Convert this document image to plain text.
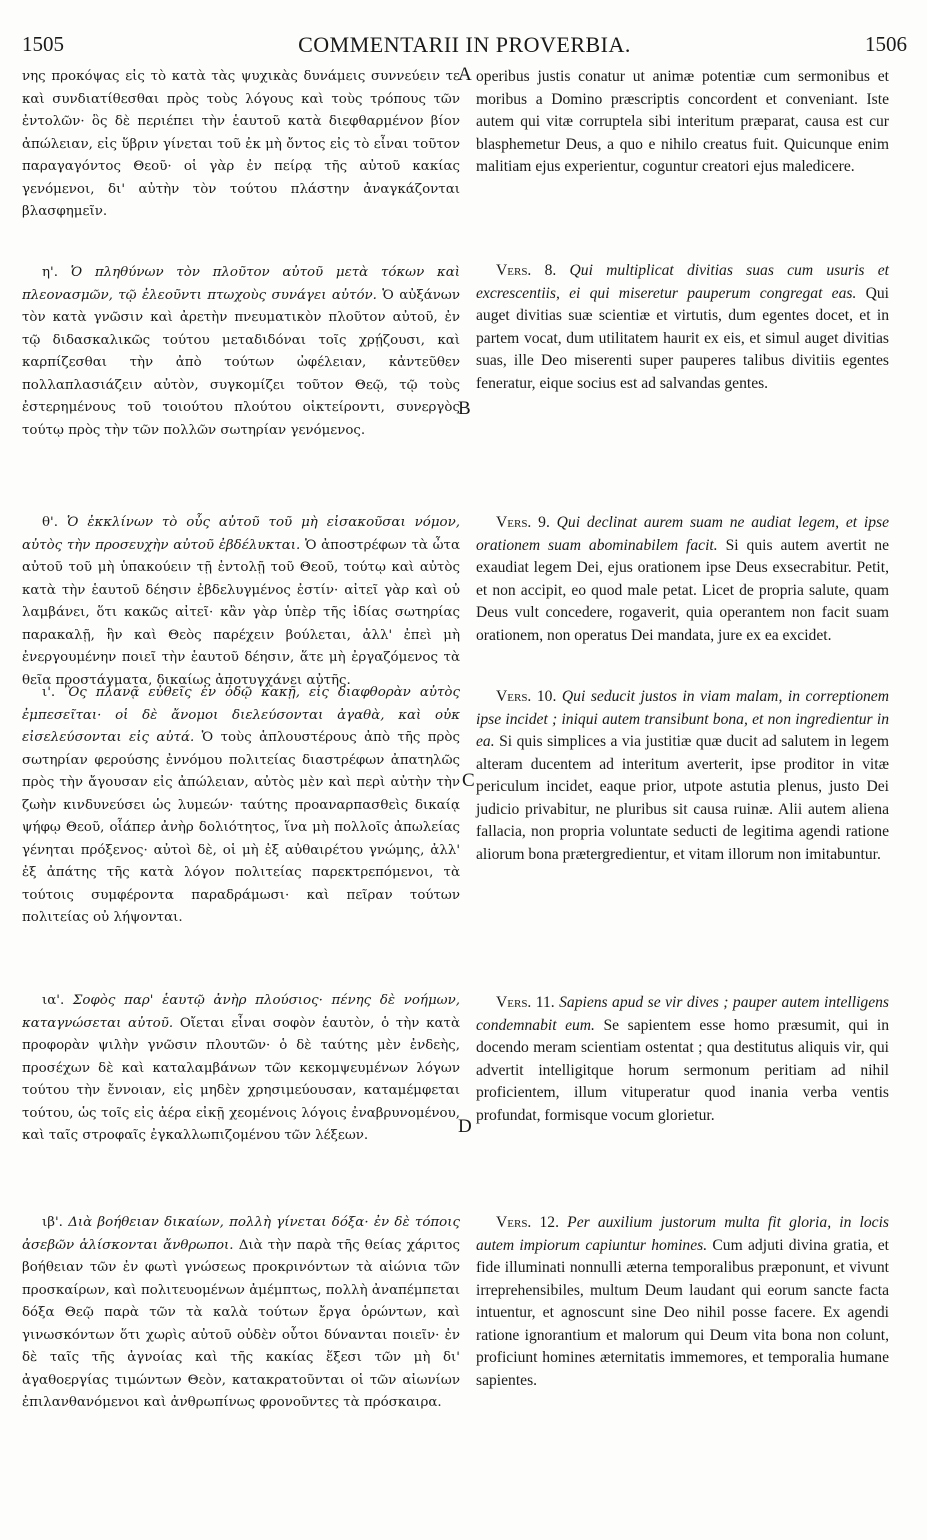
1505	COMMENTARII IN PROVERBIA.	1506

νης προκόψας εἰς τὸ κατὰ τὰς ψυχικὰς δυνάμεις συννεύειν τε καὶ συνδιατίθεσθαι πρὸς τοὺς λόγους καὶ τοὺς τρόπους τῶν ἐντολῶν· ὃς δὲ περιέπει τὴν ἑαυτοῦ κατὰ διεφθαρμένον βίον ἀπώλειαν, εἰς ὕβριν γίνεται τοῦ ἐκ μὴ ὄντος εἰς τὸ εἶναι τοῦτον παραγαγόντος Θεοῦ· οἱ γὰρ ἐν πείρᾳ τῆς αὐτοῦ κακίας γενόμενοι, δι' αὐτὴν τὸν τούτου πλάστην ἀναγκάζονται βλασφημεῖν.

η'. Ὁ πληθύνων τὸν πλοῦτον αὐτοῦ μετὰ τόκων καὶ πλεονασμῶν, τῷ ἐλεοῦντι πτωχοὺς συνάγει αὐτόν. Ὁ αὐξάνων τὸν κατὰ γνῶσιν καὶ ἀρετὴν πνευματικὸν πλοῦτον αὐτοῦ, ἐν τῷ διδασκαλικῶς τούτου μεταδιδόναι τοῖς χρῄζουσι, καὶ καρπίζεσθαι τὴν ἀπὸ τούτων ὠφέλειαν, κἀντεῦθεν πολλαπλασιάζειν αὐτὸν, συγκομίζει τοῦτον Θεῷ, τῷ τοὺς ἐστερημένους τοῦ τοιούτου πλούτου οἰκτείροντι, συνεργὸς τούτῳ πρὸς τὴν τῶν πολλῶν σωτηρίαν γενόμενος.

θ'. Ὁ ἐκκλίνων τὸ οὖς αὐτοῦ τοῦ μὴ εἰσακοῦσαι νόμον, αὐτὸς τὴν προσευχὴν αὐτοῦ ἐβδέλυκται. Ὁ ἀποστρέφων τὰ ὦτα αὐτοῦ τοῦ μὴ ὑπακούειν τῇ ἐντολῇ τοῦ Θεοῦ, τούτῳ καὶ αὐτὸς κατὰ τὴν ἑαυτοῦ δέησιν ἐβδελυγμένος ἐστίν· αἰτεῖ γὰρ καὶ οὐ λαμβάνει, ὅτι κακῶς αἰτεῖ· κἂν γὰρ ὑπὲρ τῆς ἰδίας σωτηρίας παρακαλῇ, ἣν καὶ Θεὸς παρέχειν βούλεται, ἀλλ' ἐπεὶ μὴ ἐνεργουμένην ποιεῖ τὴν ἑαυτοῦ δέησιν, ἅτε μὴ ἐργαζόμενος τὰ θεῖα προστάγματα, δικαίως ἀποτυγχάνει αὐτῆς.

ι'. Ὃς πλανᾷ εὐθεῖς ἐν ὁδῷ κακῇ, εἰς διαφθορὰν αὐτὸς ἐμπεσεῖται· οἱ δὲ ἄνομοι διελεύσονται ἀγαθὰ, καὶ οὐκ εἰσελεύσονται εἰς αὐτά. Ὁ τοὺς ἁπλουστέρους ἀπὸ τῆς πρὸς σωτηρίαν φερούσης ἐννόμου πολιτείας διαστρέφων ἀπατηλῶς πρὸς τὴν ἄγουσαν εἰς ἀπώλειαν, αὐτὸς μὲν καὶ περὶ αὐτὴν τὴν ζωὴν κινδυνεύσει ὡς λυμεών· ταύτης προαναρπασθεὶς δικαίᾳ ψήφῳ Θεοῦ, οἷάπερ ἀνὴρ δολιότητος, ἵνα μὴ πολλοῖς ἀπωλείας γένηται πρόξενος· αὐτοὶ δὲ, οἱ μὴ ἐξ αὐθαιρέτου γνώμης, ἀλλ' ἐξ ἀπάτης τῆς κατὰ λόγον πολιτείας παρεκτρεπόμενοι, τὰ τούτοις συμφέροντα παραδράμωσι· καὶ πεῖραν τούτων πολιτείας οὐ λήψονται.

ια'. Σοφὸς παρ' ἑαυτῷ ἀνὴρ πλούσιος· πένης δὲ νοήμων, καταγνώσεται αὐτοῦ. Οἴεται εἶναι σοφὸν ἑαυτὸν, ὁ τὴν κατὰ προφορὰν ψιλὴν γνῶσιν πλουτῶν· ὁ δὲ ταύτης μὲν ἐνδεὴς, προσέχων δὲ καὶ καταλαμβάνων τῶν κεκομψευμένων λόγων τούτου τὴν ἔννοιαν, εἰς μηδὲν χρησιμεύουσαν, καταμέμφεται τούτου, ὡς τοῖς εἰς ἀέρα εἰκῇ χεομένοις λόγοις ἐναβρυνομένου, καὶ ταῖς στροφαῖς ἐγκαλλωπιζομένου τῶν λέξεων.

ιβ'. Διὰ βοήθειαν δικαίων, πολλὴ γίνεται δόξα· ἐν δὲ τόποις ἀσεβῶν ἁλίσκονται ἄνθρωποι. Διὰ τὴν παρὰ τῆς θείας χάριτος βοήθειαν τῶν ἐν φωτὶ γνώσεως προκρινόντων τὰ αἰώνια τῶν προσκαίρων, καὶ πολιτευομένων ἀμέμπτως, πολλὴ ἀναπέμπεται δόξα Θεῷ παρὰ τῶν τὰ καλὰ τούτων ἔργα ὁρώντων, καὶ γινωσκόντων ὅτι χωρὶς αὐτοῦ οὐδὲν οὗτοι δύνανται ποιεῖν· ἐν δὲ ταῖς τῆς ἀγνοίας καὶ τῆς κακίας ἕξεσι τῶν μὴ δι' ἀγαθοεργίας τιμώντων Θεὸν, κατακρατοῦνται οἱ τῶν αἰωνίων ἐπιλανθανόμενοι καὶ ἀνθρωπίνως φρονοῦντες τὰ πρόσκαιρα.

A
B
C
D

operibus justis conatur ut animæ potentiæ cum sermonibus et moribus a Domino præscriptis concordent et conveniant. Iste autem qui vitæ corruptela sibi interitum præparat, causa est cur blasphemetur Deus, a quo e nihilo creatus fuit. Quicunque enim malitiam ejus experientur, coguntur creatori ejus maledicere.

Vers. 8. Qui multiplicat divitias suas cum usuris et excrescentiis, ei qui miseretur pauperum congregat eas. Qui auget divitias suæ scientiæ et virtutis, dum egentes docet, et in partem vocat, dum utilitatem haurit ex eis, et simul auget divitias suas, ille Deo miserenti super pauperes talibus divitiis egentes feneratur, eique socius est ad salvandas gentes.

Vers. 9. Qui declinat aurem suam ne audiat legem, et ipse orationem suam abominabilem facit. Si quis autem avertit ne exaudiat legem Dei, ejus orationem ipse Deus exsecrabitur. Petit, et non accipit, eo quod male petat. Licet de propria salute, quam Deus vult concedere, rogaverit, quia operantem non facit suam orationem, non operatus Dei mandata, jure ex ea excidet.

Vers. 10. Qui seducit justos in viam malam, in correptionem ipse incidet ; iniqui autem transibunt bona, et non ingredientur in ea. Si quis simplices a via justitiæ quæ ducit ad salutem in legem alteram ducentem ad interitum averterit, ipse proditor in vitæ periculum incidet, eaque prior, utpote astutia plenus, justo Dei judicio privabitur, ne pluribus sit causa ruinæ. Alii autem aliena fallacia, non propria voluntate seducti de legitima agendi ratione aliorum bona prætergredientur, et vitam illorum non imitabuntur.

Vers. 11. Sapiens apud se vir dives ; pauper autem intelligens condemnabit eum. Se sapientem esse homo præsumit, qui in docendo meram scientiam ostentat ; qua destitutus aliquis vir, qui advertit intelligitque horum sermonum peritiam ad nihil proficientem, illum vituperatur quod inania verba ventis profundat, formisque vocum glorietur.

Vers. 12. Per auxilium justorum multa fit gloria, in locis autem impiorum capiuntur homines. Cum adjuti divina gratia, et fide illuminati nonnulli æterna temporalibus præponunt, et vivunt irreprehensibiles, multum Deum laudant qui eorum sancte facta intuentur, et agnoscunt sine Deo nihil posse facere. Ex agendi ratione ignorantium et malorum qui Deum vita bona non colunt, proficiunt homines æternitatis immemores, et temporalia humane sapientes.
